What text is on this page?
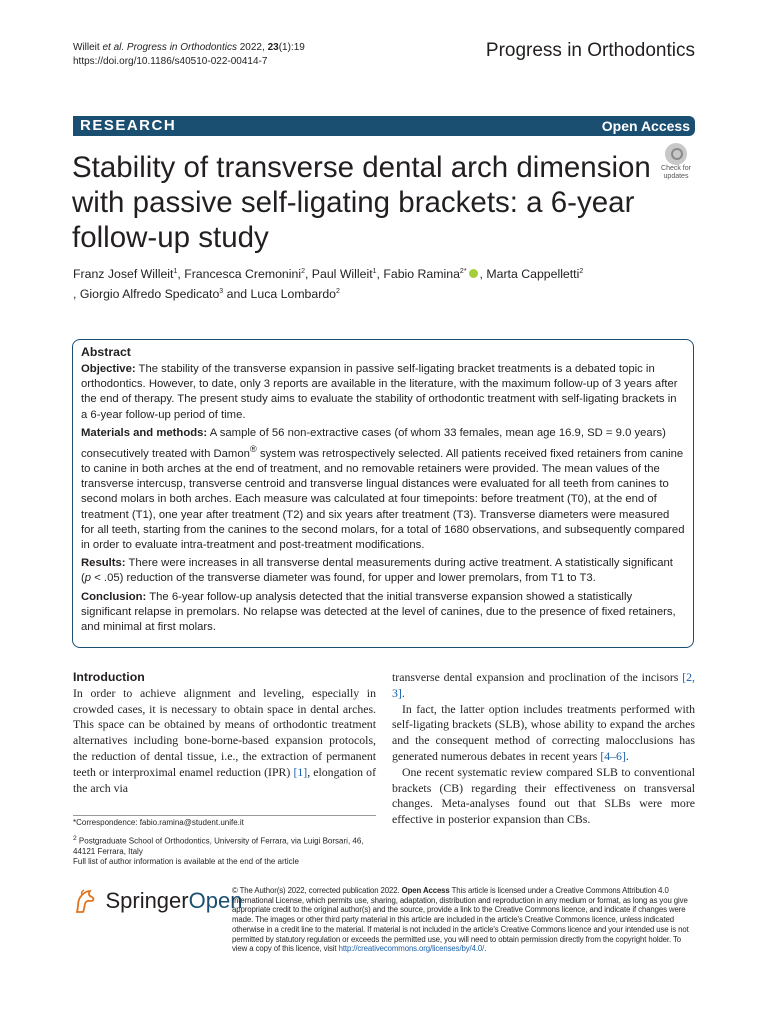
Willeit et al. Progress in Orthodontics 2022, 23(1):19
https://doi.org/10.1186/s40510-022-00414-7	Progress in Orthodontics
RESEARCH	Open Access
Stability of transverse dental arch dimension with passive self-ligating brackets: a 6-year follow-up study
Check for
updates
Franz Josef Willeit$^1$, Francesca Cremonini$^2$, Paul Willeit$^1$, Fabio Ramina$^{2*}$ , Marta Cappelletti$^2$
, Giorgio Alfredo Spedicato$^3$ and Luca Lombardo$^2$
Abstract

Objective: The stability of the transverse expansion in passive self-ligating bracket treatments is a debated topic in orthodontics. However, to date, only 3 reports are available in the literature, with the maximum follow-up of 3 years after the end of therapy. The present study aims to evaluate the stability of orthodontic treatment with self-ligating brackets in a 6-year follow-up period of time.

Materials and methods: A sample of 56 non-extractive cases (of whom 33 females, mean age 16.9, SD = 9.0 years) consecutively treated with Damon® system was retrospectively selected. All patients received fixed retainers from canine to canine in both arches at the end of treatment, and no removable retainers were provided. The mean values of the transverse intercusp, transverse centroid and transverse lingual distances were evaluated for all teeth from canines to second molars in both arches. Each measure was calculated at four timepoints: before treatment (T0), at the end of treatment (T1), one year after treatment (T2) and six years after treatment (T3). Transverse diameters were measured for all teeth, starting from the canines to the second molars, for a total of 1680 observations, and subsequently compared in order to evaluate intra-treatment and post-treatment modifications.

Results: There were increases in all transverse dental measurements during active treatment. A statistically significant (p < .05) reduction of the transverse diameter was found, for upper and lower premolars, from T1 to T3.

Conclusion: The 6-year follow-up analysis detected that the initial transverse expansion showed a statistically significant relapse in premolars. No relapse was detected at the level of canines, due to the presence of fixed retainers, and minimal at first molars.

Introduction

In order to achieve alignment and leveling, especially in crowded cases, it is necessary to obtain space in dental arches. This space can be obtained by means of orthodontic treatment alternatives including bone-borne-based expansion protocols, the reduction of dental tissue, i.e., the extraction of permanent teeth or interproximal enamel reduction (IPR) [1], elongation of the arch via

transverse dental expansion and proclination of the incisors [2, 3].

In fact, the latter option includes treatments performed with self-ligating brackets (SLB), whose ability to expand the arches and the consequent method of correcting malocclusions has generated numerous debates in recent years [4–6].

One recent systematic review compared SLB to conventional brackets (CB) regarding their effectiveness on transversal changes. Meta-analyses found out that SLBs were more effective in posterior expansion than CBs.

*Correspondence: fabio.ramina@student.unife.it

$^2$ Postgraduate School of Orthodontics, University of Ferrara, via Luigi Borsari, 46, 44121 Ferrara, Italy

Full list of author information is available at the end of the article

SpringerOpen
© The Author(s) 2022, corrected publication 2022. Open Access This article is licensed under a Creative Commons Attribution 4.0 International License, which permits use, sharing, adaptation, distribution and reproduction in any medium or format, as long as you give appropriate credit to the original author(s) and the source, provide a link to the Creative Commons licence, and indicate if changes were made. The images or other third party material in this article are included in the article's Creative Commons licence, unless indicated otherwise in a credit line to the material. If material is not included in the article's Creative Commons licence and your intended use is not permitted by statutory regulation or exceeds the permitted use, you will need to obtain permission directly from the copyright holder. To view a copy of this licence, visit http://creativecommons.org/licenses/by/4.0/.
